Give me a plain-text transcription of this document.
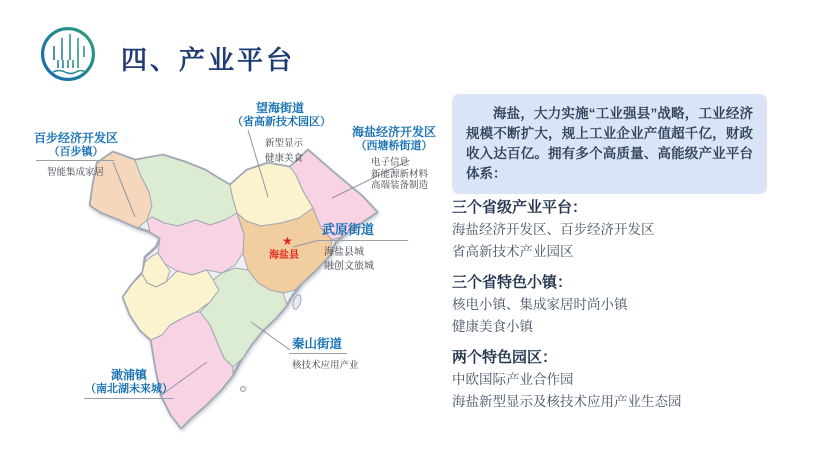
四、产业平台
百步经济开发区
（百步镇）
智能集成家居
望海街道
（省高新技术园区）
新型显示
健康美食
海盐经济开发区
（西塘桥街道）
电子信息
新能源新材料
高端装备制造
武原街道
海盐县城
融创文旅城
秦山街道
核技术应用产业
澉浦镇
（南北湖未来城）
★
海盐县
海盐，大力实施“工业强县”战略，工业经济规模不断扩大，规上工业企业产值超千亿，财政收入达百亿。拥有多个高质量、高能级产业平台体系：
三个省级产业平台：
海盐经济开发区、百步经济开发区
省高新技术产业园区
三个省特色小镇：
核电小镇、集成家居时尚小镇
健康美食小镇
两个特色园区：
中欧国际产业合作园
海盐新型显示及核技术应用产业生态园
